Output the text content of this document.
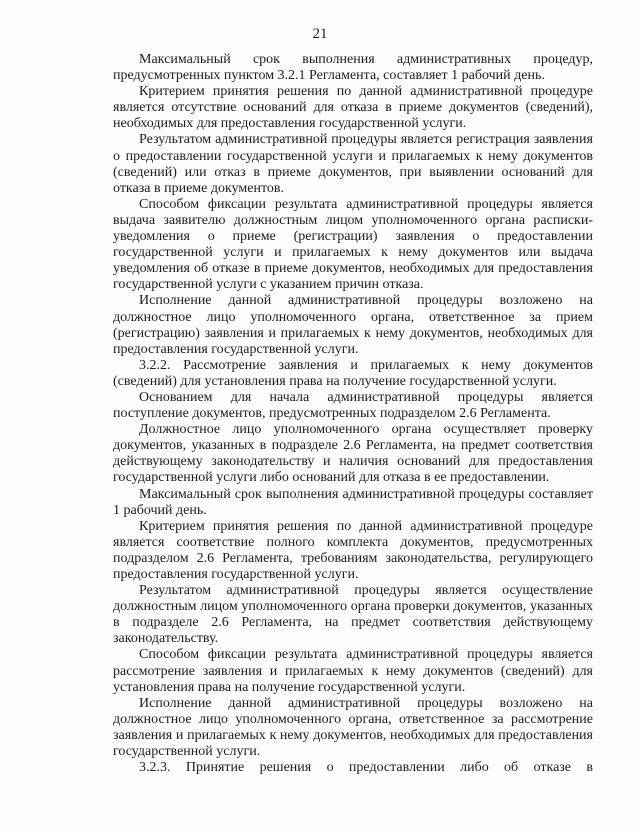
21

Максимальный срок выполнения административных процедур, предусмотренных пунктом 3.2.1 Регламента, составляет 1 рабочий день.

Критерием принятия решения по данной административной процедуре является отсутствие оснований для отказа в приеме документов (сведений), необходимых для предоставления государственной услуги.

Результатом административной процедуры является регистрация заявления о предоставлении государственной услуги и прилагаемых к нему документов (сведений) или отказ в приеме документов, при выявлении оснований для отказа в приеме документов.

Способом фиксации результата административной процедуры является выдача заявителю должностным лицом уполномоченного органа расписки-уведомления о приеме (регистрации) заявления о предоставлении государственной услуги и прилагаемых к нему документов или выдача уведомления об отказе в приеме документов, необходимых для предоставления государственной услуги с указанием причин отказа.

Исполнение данной административной процедуры возложено на должностное лицо уполномоченного органа, ответственное за прием (регистрацию) заявления и прилагаемых к нему документов, необходимых для предоставления государственной услуги.

3.2.2. Рассмотрение заявления и прилагаемых к нему документов (сведений) для установления права на получение государственной услуги.

Основанием для начала административной процедуры является поступление документов, предусмотренных подразделом 2.6 Регламента.

Должностное лицо уполномоченного органа осуществляет проверку документов, указанных в подразделе 2.6 Регламента, на предмет соответствия действующему законодательству и наличия оснований для предоставления государственной услуги либо оснований для отказа в ее предоставлении.

Максимальный срок выполнения административной процедуры составляет 1 рабочий день.

Критерием принятия решения по данной административной процедуре является соответствие полного комплекта документов, предусмотренных подразделом 2.6 Регламента, требованиям законодательства, регулирующего предоставления государственной услуги.

Результатом административной процедуры является осуществление должностным лицом уполномоченного органа проверки документов, указанных в подразделе 2.6 Регламента, на предмет соответствия действующему законодательству.

Способом фиксации результата административной процедуры является рассмотрение заявления и прилагаемых к нему документов (сведений) для установления права на получение государственной услуги.

Исполнение данной административной процедуры возложено на должностное лицо уполномоченного органа, ответственное за рассмотрение заявления и прилагаемых к нему документов, необходимых для предоставления государственной услуги.

3.2.3. Принятие решения о предоставлении либо об отказе в
